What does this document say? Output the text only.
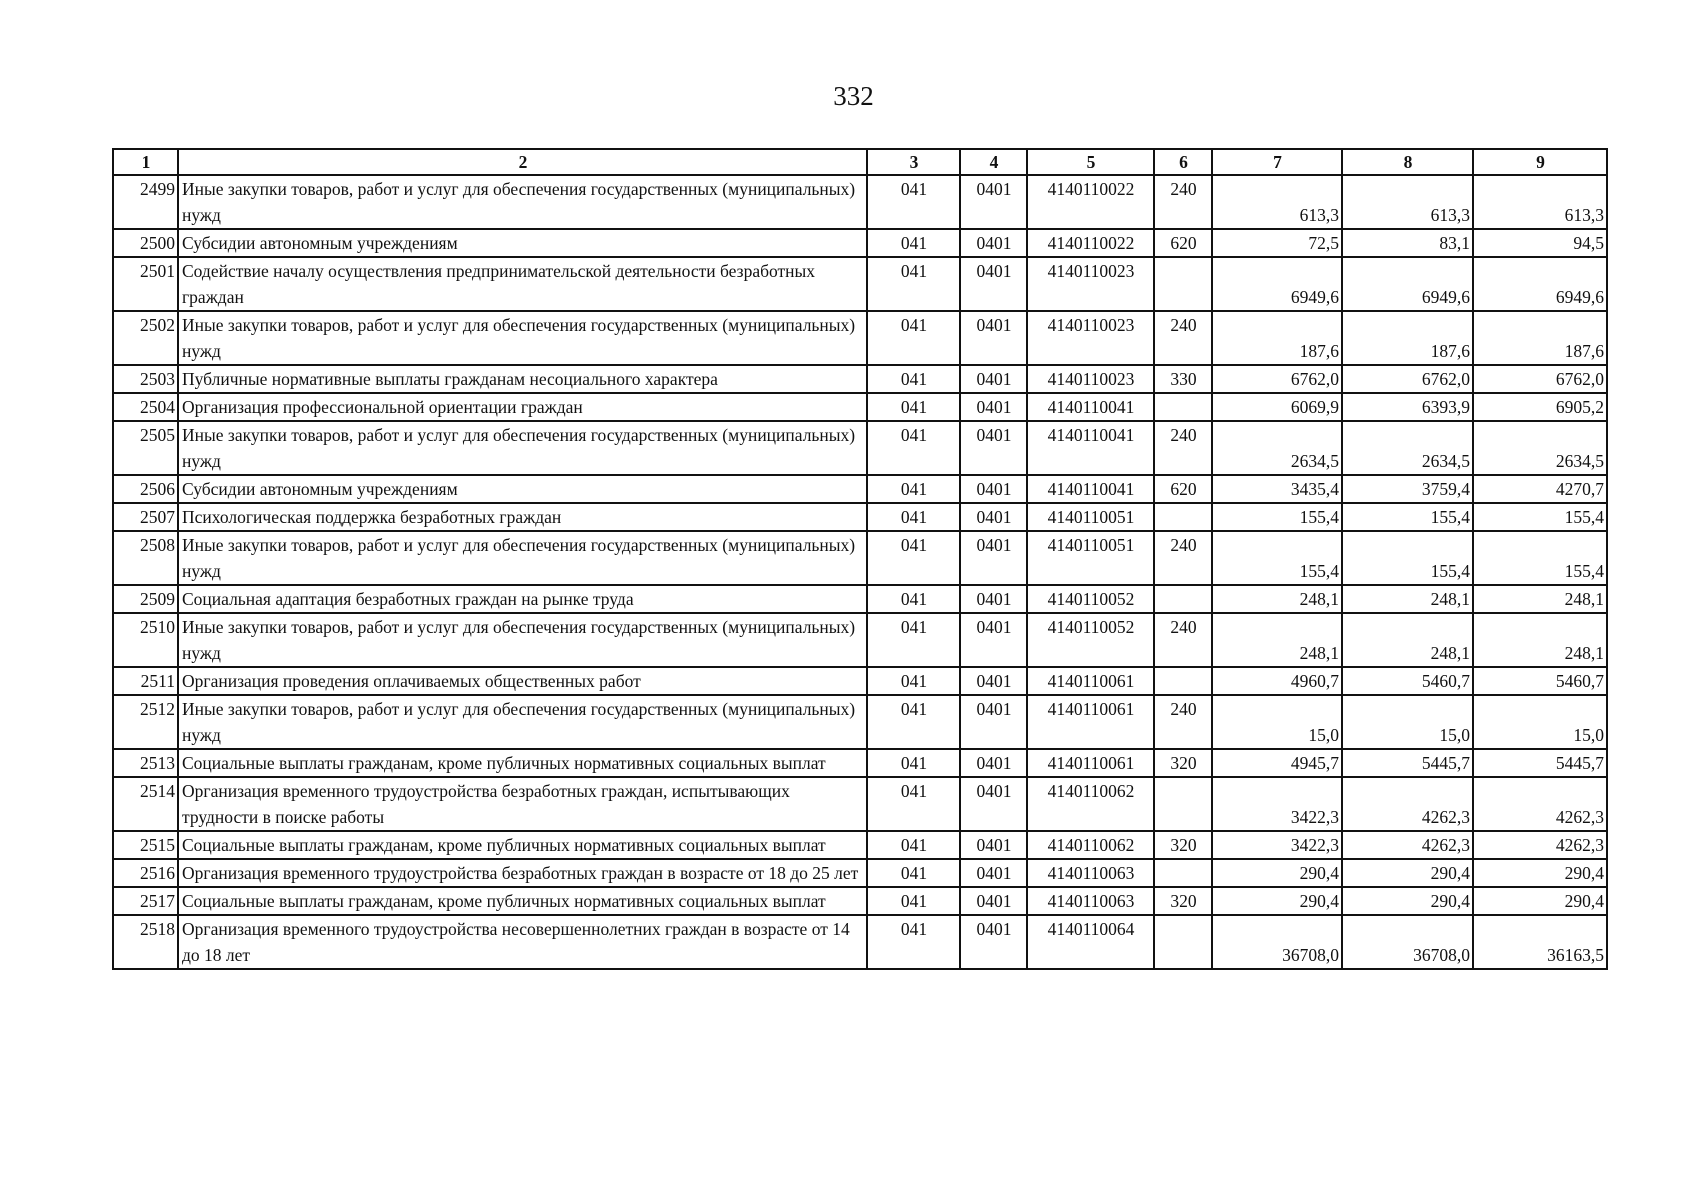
332
1	2	3	4	5	6	7	8	9
2499	Иные закупки товаров, работ и услуг для обеспечения государственных (муниципальных) нужд	041	0401	4140110022	240	613,3	613,3	613,3
2500	Субсидии автономным учреждениям	041	0401	4140110022	620	72,5	83,1	94,5
2501	Содействие началу осуществления предпринимательской деятельности безработных граждан	041	0401	4140110023		6949,6	6949,6	6949,6
2502	Иные закупки товаров, работ и услуг для обеспечения государственных (муниципальных) нужд	041	0401	4140110023	240	187,6	187,6	187,6
2503	Публичные нормативные выплаты гражданам несоциального характера	041	0401	4140110023	330	6762,0	6762,0	6762,0
2504	Организация профессиональной ориентации граждан	041	0401	4140110041		6069,9	6393,9	6905,2
2505	Иные закупки товаров, работ и услуг для обеспечения государственных (муниципальных) нужд	041	0401	4140110041	240	2634,5	2634,5	2634,5
2506	Субсидии автономным учреждениям	041	0401	4140110041	620	3435,4	3759,4	4270,7
2507	Психологическая поддержка безработных граждан	041	0401	4140110051		155,4	155,4	155,4
2508	Иные закупки товаров, работ и услуг для обеспечения государственных (муниципальных) нужд	041	0401	4140110051	240	155,4	155,4	155,4
2509	Социальная адаптация безработных граждан на рынке труда	041	0401	4140110052		248,1	248,1	248,1
2510	Иные закупки товаров, работ и услуг для обеспечения государственных (муниципальных) нужд	041	0401	4140110052	240	248,1	248,1	248,1
2511	Организация проведения оплачиваемых общественных работ	041	0401	4140110061		4960,7	5460,7	5460,7
2512	Иные закупки товаров, работ и услуг для обеспечения государственных (муниципальных) нужд	041	0401	4140110061	240	15,0	15,0	15,0
2513	Социальные выплаты гражданам, кроме публичных нормативных социальных выплат	041	0401	4140110061	320	4945,7	5445,7	5445,7
2514	Организация временного трудоустройства безработных граждан, испытывающих трудности в поиске работы	041	0401	4140110062		3422,3	4262,3	4262,3
2515	Социальные выплаты гражданам, кроме публичных нормативных социальных выплат	041	0401	4140110062	320	3422,3	4262,3	4262,3
2516	Организация временного трудоустройства безработных граждан в возрасте от 18 до 25 лет	041	0401	4140110063		290,4	290,4	290,4
2517	Социальные выплаты гражданам, кроме публичных нормативных социальных выплат	041	0401	4140110063	320	290,4	290,4	290,4
2518	Организация временного трудоустройства несовершеннолетних граждан в возрасте от 14 до 18 лет	041	0401	4140110064		36708,0	36708,0	36163,5
